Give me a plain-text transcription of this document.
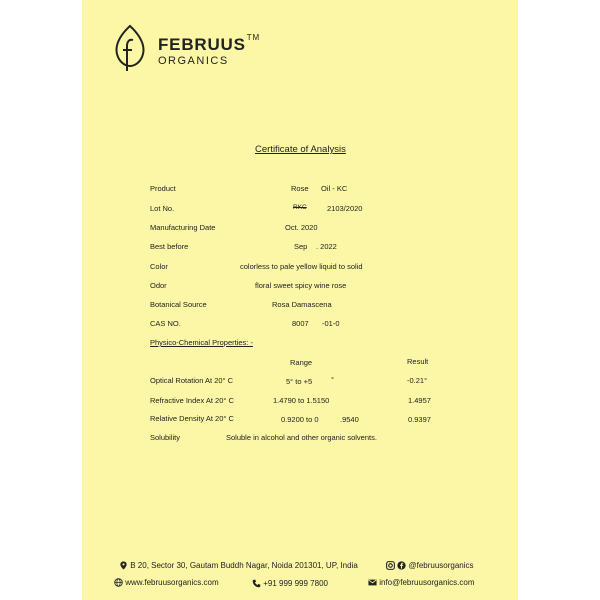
FEBRUUS™
ORGANICS
Certificate of Analysis
Product	Rose Oil - KC
Lot No.	RKC	2103/2020
Manufacturing Date	Oct. 2020
Best before	Sep . 2022
Color	colorless to pale yellow liquid to solid
Odor	floral sweet spicy wine rose
Botanical Source	Rosa Damascena
CAS NO.	8007 -01-0
Physico-Chemical Properties: -
Range	Result
Optical Rotation At 20° C	5° to +5	°	-0.21°
Refractive Index At 20° C	1.4790 to 1.5150	1.4957
Relative Density At 20° C	0.9200 to 0	.9540	0.9397
Solubility	Soluble in alcohol and other organic solvents.
B 20, Sector 30, Gautam Buddh Nagar, Noida 201301, UP, India	@februusorganics
www.februusorganics.com	+91 999 999 7800	info@februusorganics.com
